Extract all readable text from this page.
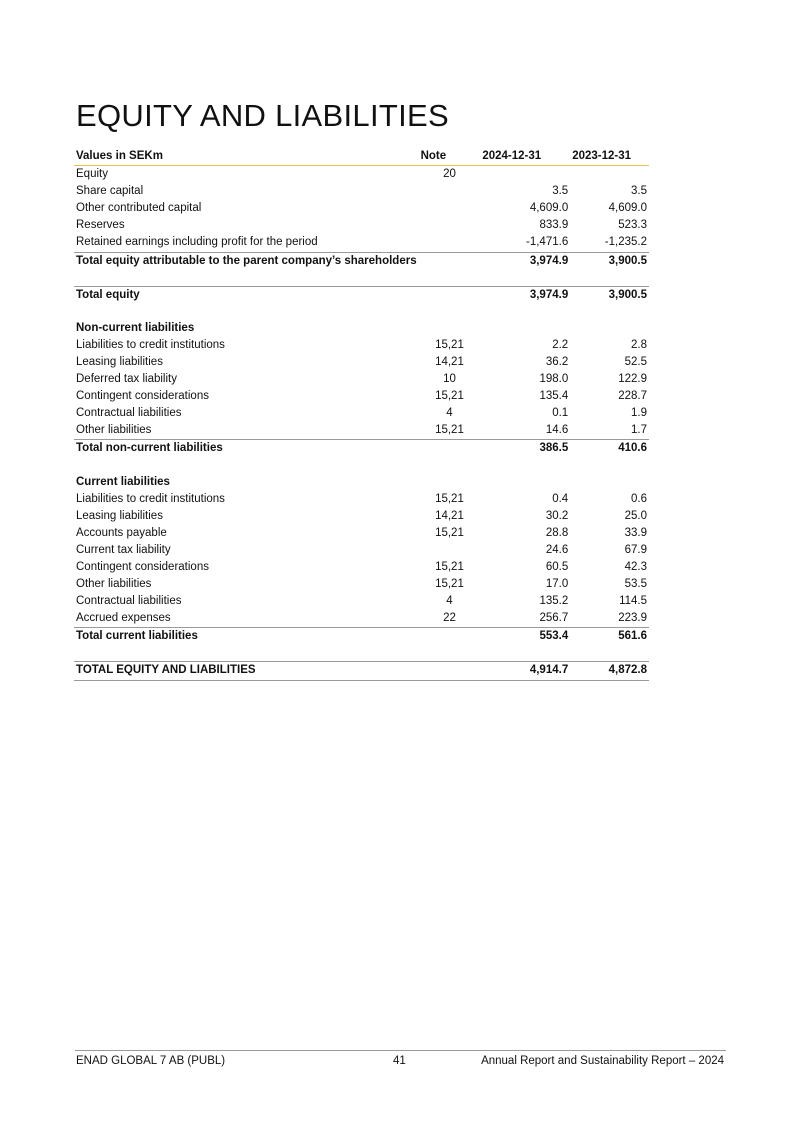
EQUITY AND LIABILITIES
Values in SEKm	Note	2024-12-31	2023-12-31
Equity	20		
Share capital		3.5	3.5
Other contributed capital		4,609.0	4,609.0
Reserves		833.9	523.3
Retained earnings including profit for the period		-1,471.6	-1,235.2
Total equity attributable to the parent company’s shareholders		3,974.9	3,900.5

Total equity		3,974.9	3,900.5

Non-current liabilities			
Liabilities to credit institutions	15,21	2.2	2.8
Leasing liabilities	14,21	36.2	52.5
Deferred tax liability	10	198.0	122.9
Contingent considerations	15,21	135.4	228.7
Contractual liabilities	4	0.1	1.9
Other liabilities	15,21	14.6	1.7
Total non-current liabilities		386.5	410.6

Current liabilities			
Liabilities to credit institutions	15,21	0.4	0.6
Leasing liabilities	14,21	30.2	25.0
Accounts payable	15,21	28.8	33.9
Current tax liability		24.6	67.9
Contingent considerations	15,21	60.5	42.3
Other liabilities	15,21	17.0	53.5
Contractual liabilities	4	135.2	114.5
Accrued expenses	22	256.7	223.9
Total current liabilities		553.4	561.6

TOTAL EQUITY AND LIABILITIES		4,914.7	4,872.8
ENAD GLOBAL 7 AB (PUBL)	41	Annual Report and Sustainability Report – 2024
